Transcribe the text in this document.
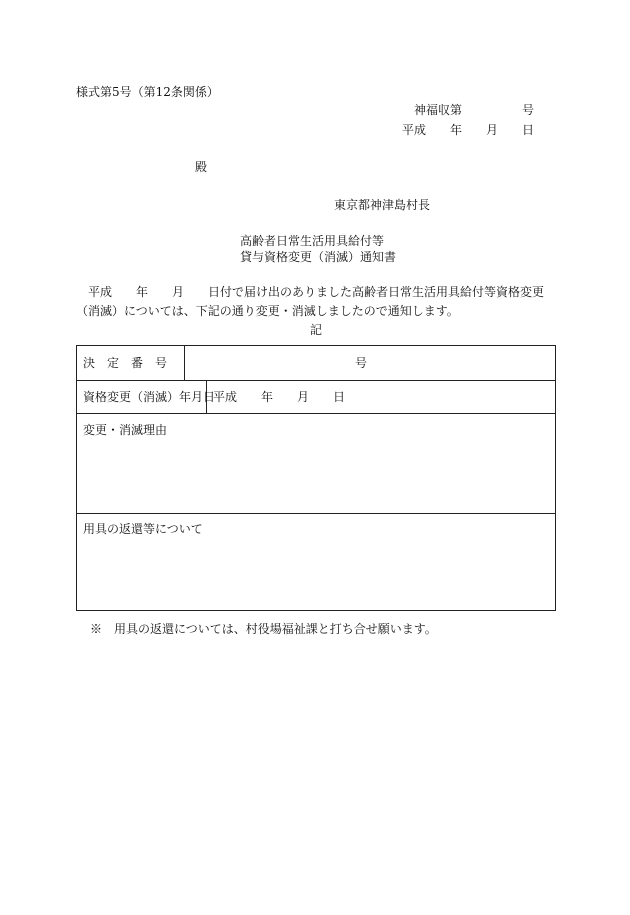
様式第5号（第12条関係）
神福収第　　　　　号
平成　　年　　月　　日
殿
東京都神津島村長
高齢者日常生活用具給付等
貸与資格変更（消滅）通知書
　平成　　年　　月　　日付で届け出のありました高齢者日常生活用具給付等資格変更
（消滅）については、下記の通り変更・消滅しましたので通知します。
記
決　定　番　号	号
資格変更（消滅）年月日
平成　　年　　月　　日
変更・消滅理由
用具の返還等について
※　用具の返還については、村役場福祉課と打ち合せ願います。
